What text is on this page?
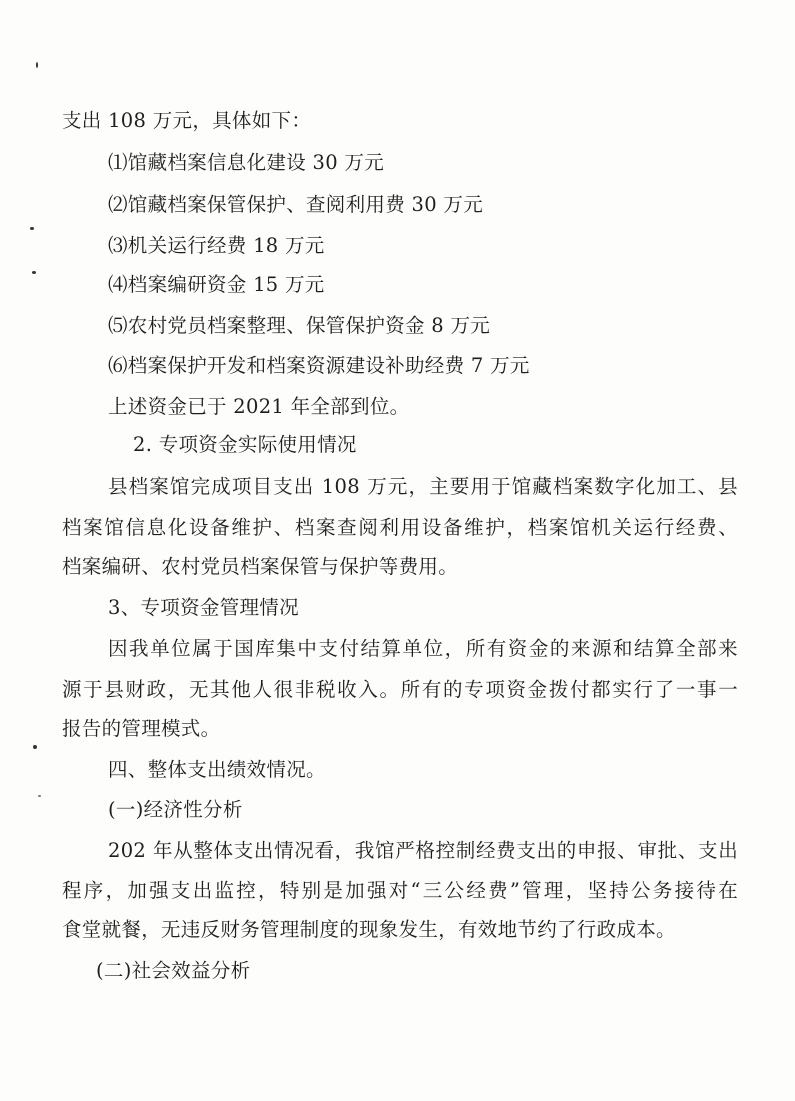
支出 108 万元，具体如下：
⑴馆藏档案信息化建设 30 万元
⑵馆藏档案保管保护、查阅利用费 30 万元
⑶机关运行经费 18 万元
⑷档案编研资金 15 万元
⑸农村党员档案整理、保管保护资金 8 万元
⑹档案保护开发和档案资源建设补助经费 7 万元
上述资金已于 2021 年全部到位。
2. 专项资金实际使用情况
县档案馆完成项目支出 108 万元，主要用于馆藏档案数字化加工、县
档案馆信息化设备维护、档案查阅利用设备维护，档案馆机关运行经费、
档案编研、农村党员档案保管与保护等费用。
3、专项资金管理情况
因我单位属于国库集中支付结算单位，所有资金的来源和结算全部来
源于县财政，无其他人很非税收入。所有的专项资金拨付都实行了一事一
报告的管理模式。
四、整体支出绩效情况。
(一)经济性分析
202 年从整体支出情况看，我馆严格控制经费支出的申报、审批、支出
程序，加强支出监控，特别是加强对“三公经费”管理，坚持公务接待在
食堂就餐，无违反财务管理制度的现象发生，有效地节约了行政成本。
(二)社会效益分析
